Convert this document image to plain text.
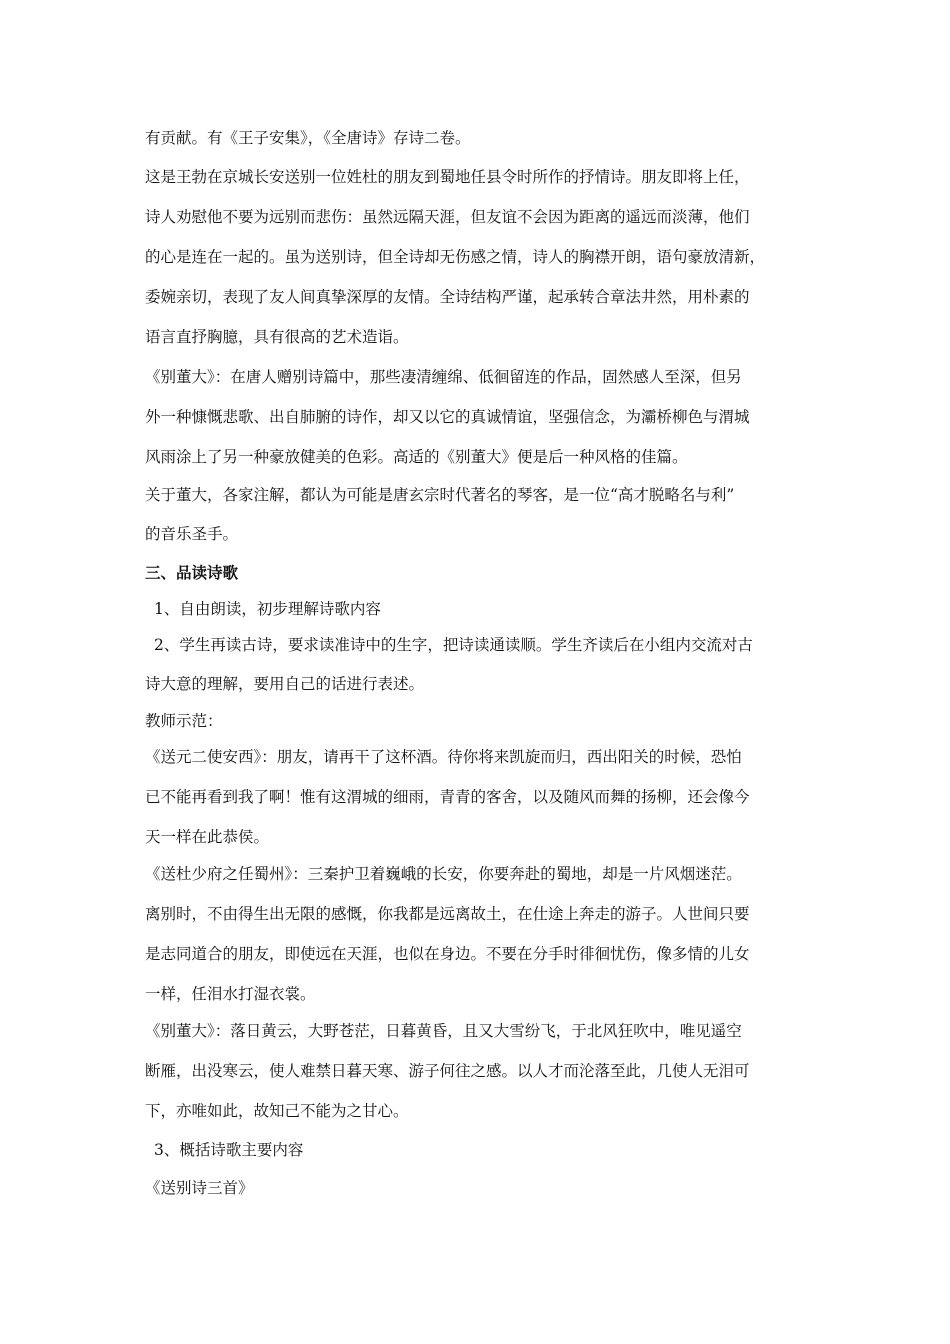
有贡献。有《王子安集》，《全唐诗》存诗二卷。
这是王勃在京城长安送别一位姓杜的朋友到蜀地任县令时所作的抒情诗。朋友即将上任，
诗人劝慰他不要为远别而悲伤：虽然远隔天涯，但友谊不会因为距离的遥远而淡薄，他们
的心是连在一起的。虽为送别诗，但全诗却无伤感之情，诗人的胸襟开朗，语句豪放清新，
委婉亲切，表现了友人间真挚深厚的友情。全诗结构严谨，起承转合章法井然，用朴素的
语言直抒胸臆，具有很高的艺术造诣。
《别董大》：在唐人赠别诗篇中，那些凄清缠绵、低徊留连的作品，固然感人至深，但另
外一种慷慨悲歌、出自肺腑的诗作，却又以它的真诚情谊，坚强信念，为灞桥柳色与渭城
风雨涂上了另一种豪放健美的色彩。高适的《别董大》便是后一种风格的佳篇。
关于董大，各家注解，都认为可能是唐玄宗时代著名的琴客，是一位“高才脱略名与利”
的音乐圣手。
三、品读诗歌
1、自由朗读，初步理解诗歌内容
2、学生再读古诗，要求读准诗中的生字，把诗读通读顺。学生齐读后在小组内交流对古
诗大意的理解，要用自己的话进行表述。
教师示范：
《送元二使安西》：朋友，请再干了这杯酒。待你将来凯旋而归，西出阳关的时候，恐怕
已不能再看到我了啊！惟有这渭城的细雨，青青的客舍，以及随风而舞的扬柳，还会像今
天一样在此恭侯。
《送杜少府之任蜀州》：三秦护卫着巍峨的长安，你要奔赴的蜀地，却是一片风烟迷茫。
离别时，不由得生出无限的感慨，你我都是远离故土，在仕途上奔走的游子。人世间只要
是志同道合的朋友，即使远在天涯，也似在身边。不要在分手时徘徊忧伤，像多情的儿女
一样，任泪水打湿衣裳。
《别董大》：落日黄云，大野苍茫，日暮黄昏，且又大雪纷飞，于北风狂吹中，唯见遥空
断雁，出没寒云，使人难禁日暮天寒、游子何往之感。以人才而沦落至此，几使人无泪可
下，亦唯如此，故知己不能为之甘心。
3、概括诗歌主要内容
《送别诗三首》
